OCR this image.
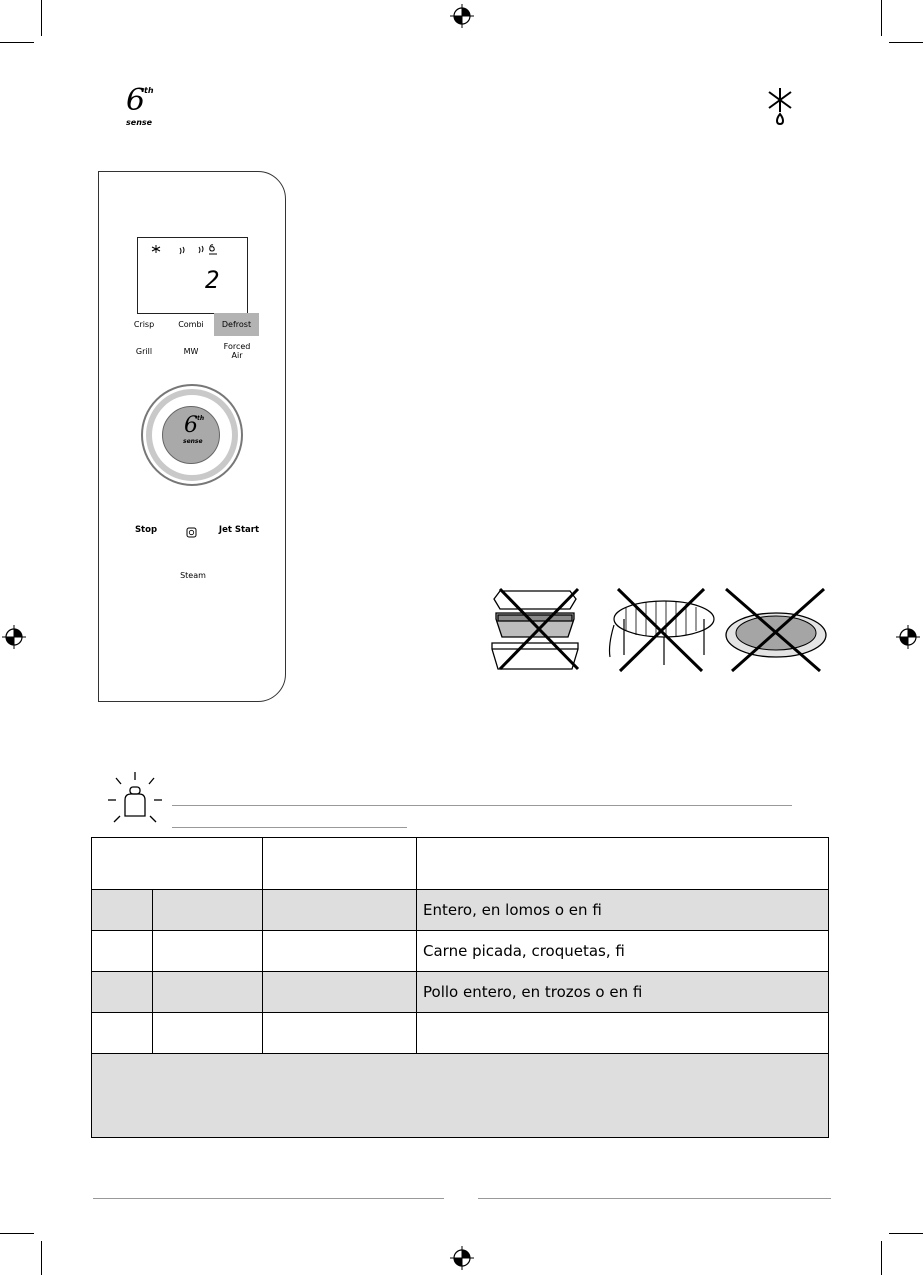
6
th
sense
2
Crisp	Combi	Defrost
Grill	MW
Forced
Air
6 th
sense
Stop	Jet Start
Steam

			Entero, en lomos o en fi
			Carne picada, croquetas, fi
			Pollo entero, en trozos o en fi
